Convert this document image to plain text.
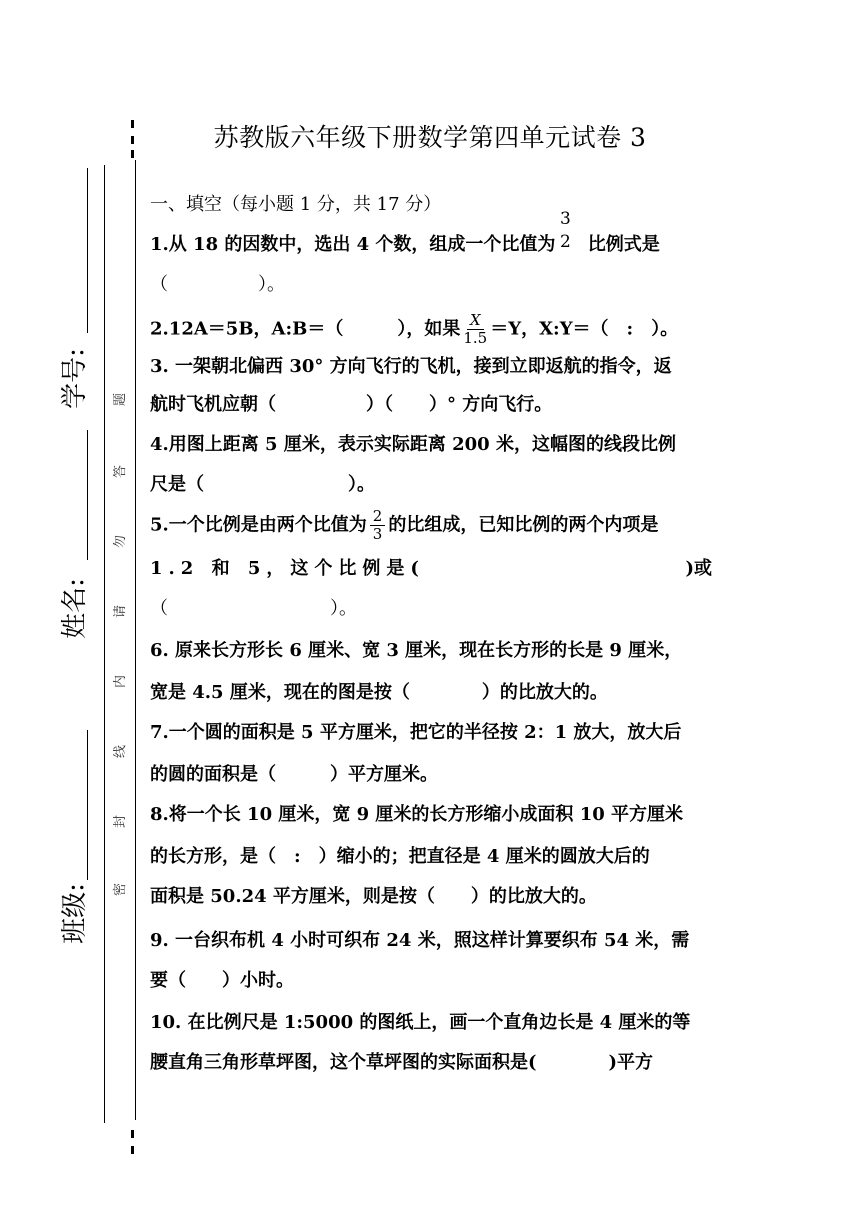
学号:
姓名:
班级:
题
答
勿
请
内
线
封
密
苏教版六年级下册数学第四单元试卷 3
一、填空（每小题 1 分，共 17 分）
1.从 18 的因数中，选出 4 个数，组成一个比值为
3
2 比例式是
（　　　　　）。
2.12A＝5B，A:B＝（　　　），如果 $\frac{X}{1.5} =Y$，X:Y＝（　:　）。
3. 一架朝北偏西 30° 方向飞行的飞机，接到立即返航的指令，返
航时飞机应朝（　　　　　）（　　）° 方向飞行。
4.用图上距离 5 厘米，表示实际距离 200 米，这幅图的线段比例
尺是（　　　　　　　　）。
5.一个比例是由两个比值为 $\frac{2}{3}$ 的比组成，已知比例的两个内项是
1.2 和 5，这个比例是(	)或
（　　　　　　　　　）。
6. 原来长方形长 6 厘米、宽 3 厘米，现在长方形的长是 9 厘米，
宽是 4.5 厘米，现在的图是按（　　　　）的比放大的。
7.一个圆的面积是 5 平方厘米，把它的半径按 2：1 放大，放大后
的圆的面积是（　　　）平方厘米。
8.将一个长 10 厘米，宽 9 厘米的长方形缩小成面积 10 平方厘米
的长方形，是（　:　）缩小的；把直径是 4 厘米的圆放大后的
面积是 50.24 平方厘米，则是按（　　）的比放大的。
9. 一台织布机 4 小时可织布 24 米，照这样计算要织布 54 米，需
要（　　）小时。
10. 在比例尺是 1:5000 的图纸上，画一个直角边长是 4 厘米的等
腰直角三角形草坪图，这个草坪图的实际面积是(　　　　)平方
